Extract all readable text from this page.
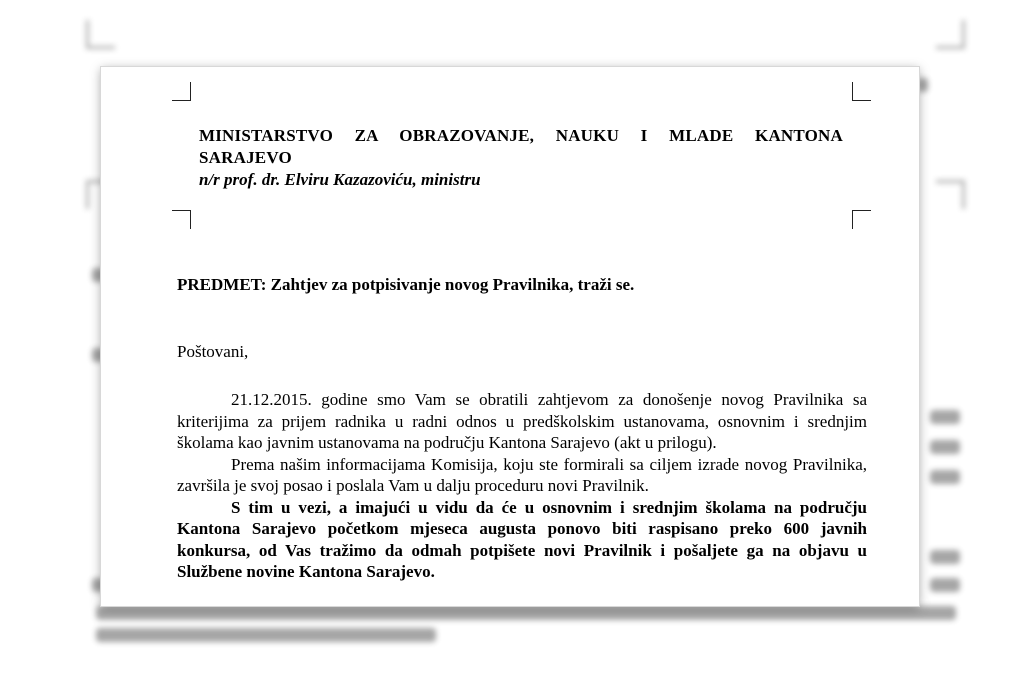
MINISTARSTVO ZA OBRAZOVANJE, NAUKU I MLADE KANTONA SARAJEVO
n/r prof. dr. Elviru Kazazoviću, ministru
PREDMET: Zahtjev za potpisivanje novog Pravilnika, traži se.
Poštovani,

21.12.2015. godine smo Vam se obratili zahtjevom za donošenje novog Pravilnika sa kriterijima za prijem radnika u radni odnos u predškolskim ustanovama, osnovnim i srednjim školama kao javnim ustanovama na području Kantona Sarajevo (akt u prilogu).

Prema našim informacijama Komisija, koju ste formirali sa ciljem izrade novog Pravilnika, završila je svoj posao i poslala Vam u dalju proceduru novi Pravilnik.

S tim u vezi, a imajući u vidu da će u osnovnim i srednjim školama na području Kantona Sarajevo početkom mjeseca augusta ponovo biti raspisano preko 600 javnih konkursa, od Vas tražimo da odmah potpišete novi Pravilnik i pošaljete ga na objavu u Službene novine Kantona Sarajevo.
